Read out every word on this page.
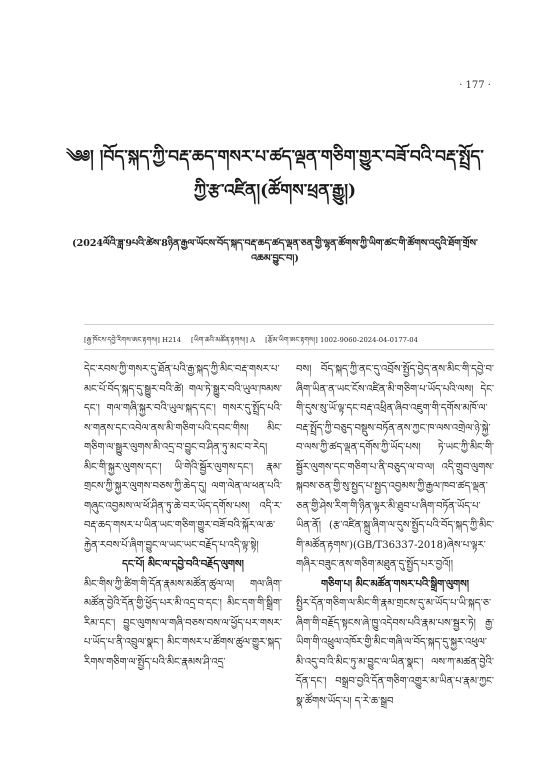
· 177 ·
༄༅། །བོད་སྐད་ཀྱི་བརྡ་ཆད་གསར་པ་ཚད་ལྡན་གཅིག་གྱུར་བཟོ་བའི་བརྡ་སྤྲོད་ཀྱི་རྩ་འཛིན།(ཚོགས་ཕྲན་རྒྱུ།)
(2024ལོའི་ཟླ་9པའི་ཚེས་8ཉིན་རྒྱལ་ཡོངས་བོད་སྐད་བརྡ་ཆད་ཚད་ལྡན་ཅན་གྱི་ལྷན་ཚོགས་ཀྱི་ཡིག་ཚང་གི་ཚོགས་འདུའི་ཐོག་གྲོས་འཆམ་བྱུང་བ།)
[རྒྱ་ཁོངས་དབྱེ་རིགས་ཨང་རྟགས།] H214 [ཡིག་ཆའི་མཚོན་རྟགས།] A [རྩོམ་ཡིག་ཨང་རྟགས།] 1002-9060-2024-04-0177-04

དེང་རབས་ཀྱི་གསར་དུ་ཐོན་པའི་རྒྱ་སྐད་ཀྱི་མིང་བརྡ་གསར་པ་མང་པོ་བོད་སྐད་དུ་སྒྱུར་བའི་ཚེ། གལ་ཏེ་སྒྱུར་བའི་ཡུལ་ཁམས་དང་། གལ་གཞི་སྐྱར་བའི་ཡུལ་སྐད་དང་། གསར་དུ་སྤྲོད་པའི་ས་གནས་དང་འབེལ་ནས་མི་གཅིག་པའི་དབང་གིས། མིང་གཅིག་ལ་སྒྱུར་ལུགས་མི་འདྲ་བ་བྱུང་བ་ཤིན་ཏུ་མང་བ་རེད། མིང་གི་སྐྱར་ལུགས་དང་། ཡི་གེའི་སྦྱོར་ལུགས་དང་། རྣམ་གྲངས་ཀྱི་སྐྱར་ལུགས་བཅས་ཀྱི་ཆེད་དུ། ལག་ལེན་ལ་ཕན་པའི་གཞུང་འབྱམས་ལ་ཕོ་ཤིན་ཏུ་ཆེ་བར་ཡོད་དགོས་པས། འདི་ར་བརྡ་ཆད་གསར་པ་ཡིན་ཡང་གཅིག་གྱུར་བཟོ་བའི་སྐོར་ལ་ཆ་རྐྱེན་རབས་པོ་ཞིག་བྱུང་ལ་ཡང་ཡང་བརྗོད་པ་འདི་ལྟ་སྟེ།

དང་པོ། མིང་ལ་དབྱེ་བའི་བརྗོད་ལུགས།

མིང་གིས་ཀྱི་ཚིག་གི་དོན་རྣམས་མཚོན་ཚུལ་ལ། གལ་ཞིག་མཚོན་བྱེའི་དོན་གྱི་ཕྱོད་པར་མི་འདྲ་བ་དང་། མིང་དག་གི་སྒྲིག་རིམ་དང་། བྱུང་ལུགས་ལ་གཞི་བཅས་བས་ལ་ཕྱོད་པར་གསར་པ་ཡོད་པ་ནི་འབྲུལ་སྣང་། མིང་གསར་པ་ཚོགས་ཚུལ་གྱུར་སྐད་རིགས་གཅིག་ལ་སྤྱོད་པའི་མིང་རྣམས་ཤི་འདྲ་

བས། བོད་སྐད་ཀྱི་ནང་དུ་འབྲོས་སྤྱོད་བྱེད་ནས་མིང་གི་དབྱེ་བ་ཞིག་ཡིན་ན་ཡང་ངོས་འཛིན་མི་གཅིག་པ་ཡོད་པའི་ལས། དེང་གི་དུས་སུ་ཡོ་ལྟ་དང་བརྡ་འཕྲིན་ཞིབ་འཇུག་གི་དགོས་མཁོ་ལ་བརྡ་སྤྲོད་ཀྱི་བཅུད་བསྡུས་བཏོན་ནས་ཀྱང་ཁ་ལས་འགྲེལ་ཉེ་སྐྱེ་བ་ལས་ཀྱི་ཚད་ལྡན་དགོས་ཀྱི་ཡོད་པས། ཏེ་ཡང་ཀྱི་མིང་གི་སྦྱོར་ལུགས་དང་གཅིག་པ་ནི་བཅུད་ལ་བ་ལ། འདི་གྲུབ་ལུགས་སྐབས་ཅན་གྱི་སུ་སྤྱད་པ་སྤྱད་འབྱམས་ཀྱི་རྒྱལ་ཁབ་ཚད་ལྡན་ཅན་གྱི་ཤེས་རིག་གི་ཉིན་ལྟར་མི་ཐུབ་པ་ཞིག་བཏོན་ཡོད་པ་ཡིན་ནོ། (རྩ་འཛིན་སྐྲུ་ཞིག་ལ་དུས་སྤྱོད་པའི་བོད་སྐད་ཀྱི་མིང་གི་མཚོན་རྟགས་)(GB/T36337-2018)ཞེས་པ་ལྟར་གཞིར་བཟུང་ནས་གཅིག་མཐུན་དུ་སྤྱོད་པར་བྱའོ།།

གཅིག་པ། མིང་མཚོན་གསར་པའི་སྒྲིག་ལུགས།

སྤྱིར་དོན་གཅིག་ལ་མིང་གི་རྣམ་གྲངས་དུ་མ་ཡོད་པ་ཡི་སྐད་ཅ་ཞིག་གི་བརྗོད་སྟངས་ཞེ་ཁྱུ་འདེབས་པའི་རྣམ་པས་སྦྱར་ཏེ། རྒྱ་ཡིག་གི་འཕྲུལ་འཁོར་གྱི་མིང་གཞི་ལ་བོད་སྐད་དུ་སྐྱར་འཕུལ་མི་འདུ་བ་འི་མིང་ཏུ་མ་བྱུང་ལ་ཡིན་སྣང་། ལས་ཀ་མཚན་བྱེའི་དོན་དང་། བསྒྲབ་བྱའི་དོན་གཅིག་འགྱུར་མ་ཡིན་པ་རྣམ་ཀྱང་སྣ་ཚོགས་ཡོད་པ། ད་རེ་ཆ་སྒྲབ
